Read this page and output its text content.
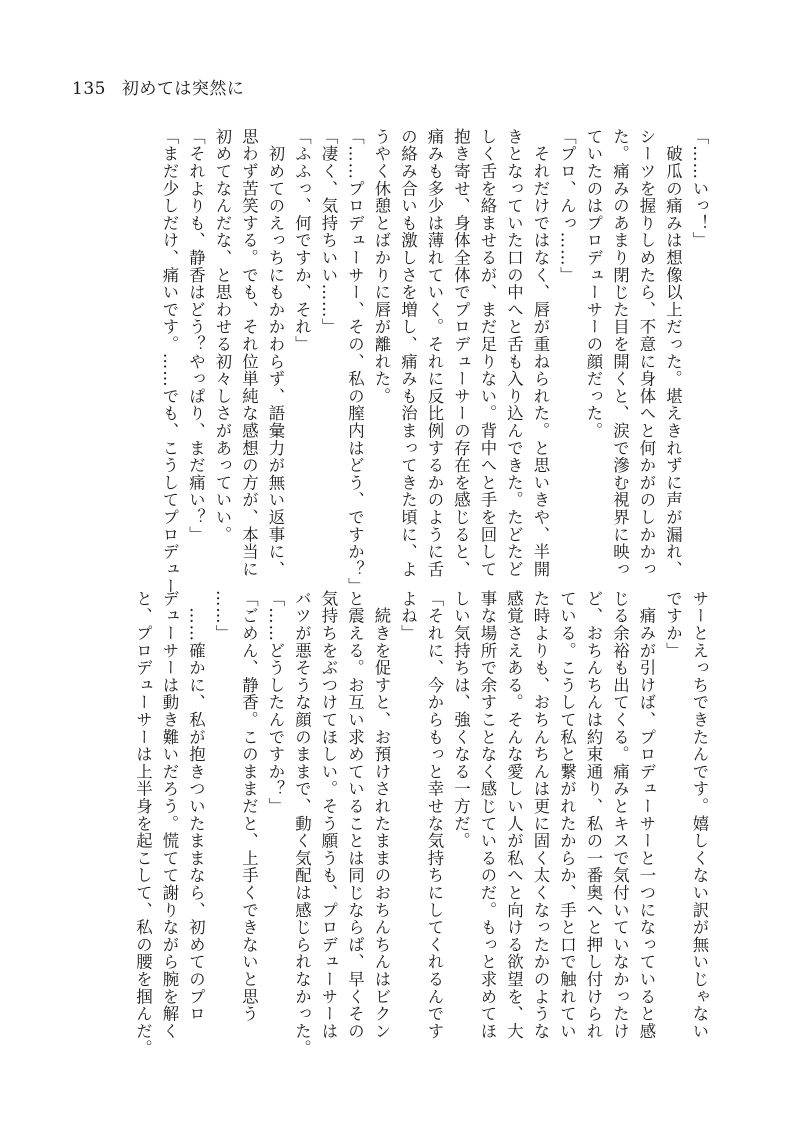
135 初めては突然に
「……いっ！」
　破瓜の痛みは想像以上だった。堪えきれずに声が漏れ、
シーツを握りしめたら、不意に身体へと何かがのしかかっ
た。痛みのあまり閉じた目を開くと、涙で滲む視界に映っ
ていたのはプロデューサーの顔だった。
「プロ、んっ……」
　それだけではなく、唇が重ねられた。と思いきや、半開
きとなっていた口の中へと舌も入り込んできた。たどたど
しく舌を絡ませるが、まだ足りない。背中へと手を回して
抱き寄せ、身体全体でプロデューサーの存在を感じると、
痛みも多少は薄れていく。それに反比例するかのように舌
の絡み合いも激しさを増し、痛みも治まってきた頃に、よ
うやく休憩とばかりに唇が離れた。
「……プロデューサー、その、私の膣内はどう、ですか？」
「凄く、気持ちいい……」
「ふふっ、何ですか、それ」
　初めてのえっちにもかかわらず、語彙力が無い返事に、
思わず苦笑する。でも、それ位単純な感想の方が、本当に
初めてなんだな、と思わせる初々しさがあっていい。
「それよりも、静香はどう？やっぱり、まだ痛い？」
「まだ少しだけ、痛いです。……でも、こうしてプロデュー
サーとえっちできたんです。嬉しくない訳が無いじゃない
ですか」
　痛みが引けば、プロデューサーと一つになっていると感
じる余裕も出てくる。痛みとキスで気付いていなかったけ
ど、おちんちんは約束通り、私の一番奥へと押し付けられ
ている。こうして私と繋がれたからか、手と口で触れてい
た時よりも、おちんちんは更に固く太くなったかのような
感覚さえある。そんな愛しい人が私へと向ける欲望を、大
事な場所で余すことなく感じているのだ。もっと求めてほ
しい気持ちは、強くなる一方だ。
「それに、今からもっと幸せな気持ちにしてくれるんです
よね」
　続きを促すと、お預けされたままのおちんちんはビクン
と震える。お互い求めていることは同じならば、早くその
気持ちをぶつけてほしい。そう願うも、プロデューサーは
バツが悪そうな顔のままで、動く気配は感じられなかった。
「……どうしたんですか？」
「ごめん、静香。このままだと、上手くできないと思う
……」
　……確かに、私が抱きついたままなら、初めてのプロ
デューサーは動き難いだろう。慌てて謝りながら腕を解く
と、プロデューサーは上半身を起こして、私の腰を掴んだ。
